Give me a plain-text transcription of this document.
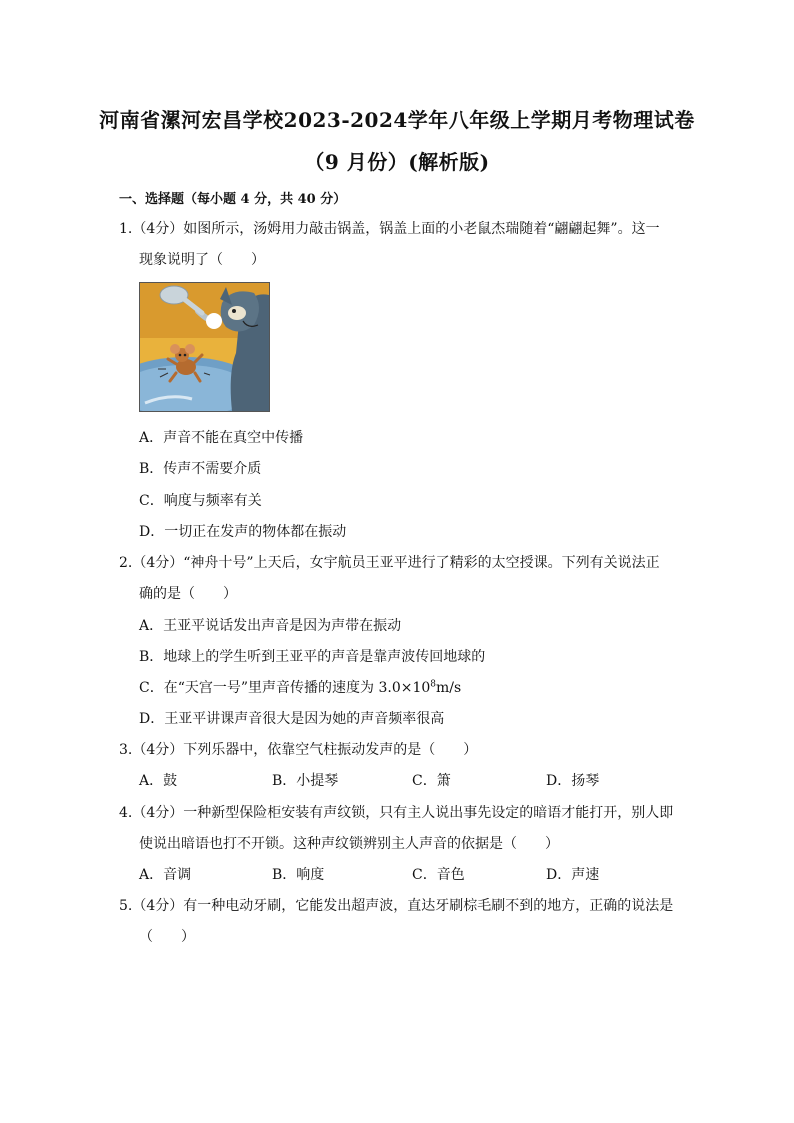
河南省漯河宏昌学校2023-2024学年八年级上学期月考物理试卷
（9 月份）(解析版)
一、选择题（每小题 4 分，共 40 分）
1.（4分）如图所示，汤姆用力敲击锅盖，锅盖上面的小老鼠杰瑞随着“翩翩起舞”。这一
现象说明了（　　）
A．声音不能在真空中传播
B．传声不需要介质
C．响度与频率有关
D．一切正在发声的物体都在振动
2.（4分）“神舟十号”上天后，女宇航员王亚平进行了精彩的太空授课。下列有关说法正
确的是（　　）
A．王亚平说话发出声音是因为声带在振动
B．地球上的学生听到王亚平的声音是靠声波传回地球的
C．在“天宫一号”里声音传播的速度为 $3.0\times 10^8m/s$
D．王亚平讲课声音很大是因为她的声音频率很高
3.（4分）下列乐器中，依靠空气柱振动发声的是（　　）
A．鼓	B．小提琴	C．箫	D．扬琴
4.（4分）一种新型保险柜安装有声纹锁，只有主人说出事先设定的暗语才能打开，别人即
使说出暗语也打不开锁。这种声纹锁辨别主人声音的依据是（　　）
A．音调	B．响度	C．音色	D．声速
5.（4分）有一种电动牙刷，它能发出超声波，直达牙刷棕毛刷不到的地方，正确的说法是
（　　）
